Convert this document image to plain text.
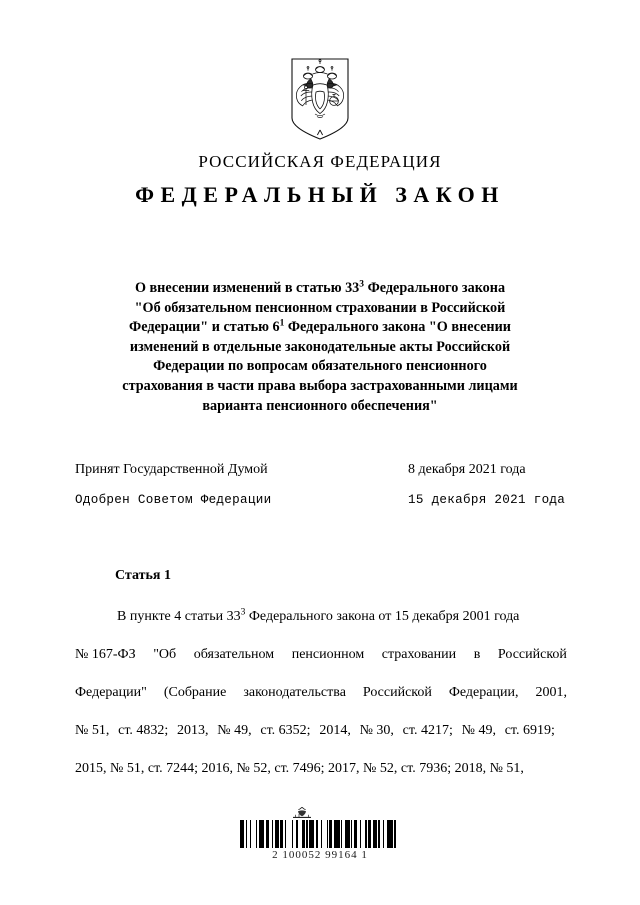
РОССИЙСКАЯ ФЕДЕРАЦИЯ
ФЕДЕРАЛЬНЫЙ ЗАКОН
О внесении изменений в статью $33^3$ Федерального закона
"Об обязательном пенсионном страховании в Российской
Федерации" и статью $6^1$ Федерального закона "О внесении
изменений в отдельные законодательные акты Российской
Федерации по вопросам обязательного пенсионного
страхования в части права выбора застрахованными лицами
варианта пенсионного обеспечения"
Принят Государственной Думой	8 декабря 2021 года
Одобрен Советом Федерации	15 декабря 2021 года
Статья 1
В пункте 4 статьи $33^3$ Федерального закона от 15 декабря 2001 года
№ 167-ФЗ "Об обязательном пенсионном страховании в Российской
Федерации" (Собрание законодательства Российской Федерации, 2001,
№ 51, ст. 4832; 2013, № 49, ст. 6352; 2014, № 30, ст. 4217; № 49, ст. 6919;
2015, № 51, ст. 7244; 2016, № 52, ст. 7496; 2017, № 52, ст. 7936; 2018, № 51,
2 100052 99164 1
